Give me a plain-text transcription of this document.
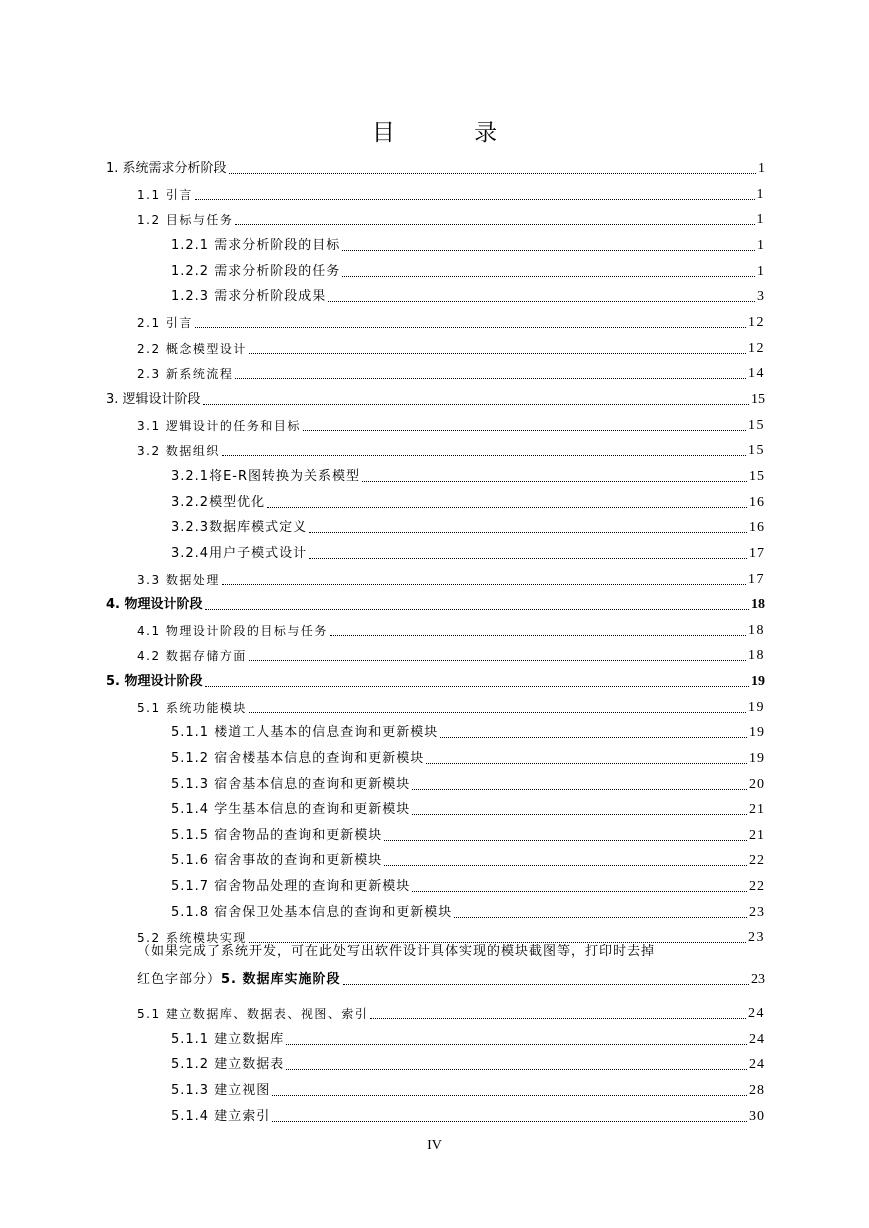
目 录
1. 系统需求分析阶段	1
1.1 引言	1
1.2 目标与任务	1
1.2.1 需求分析阶段的目标	1
1.2.2 需求分析阶段的任务	1
1.2.3 需求分析阶段成果	3
2.1 引言	12
2.2 概念模型设计	12
2.3 新系统流程	14
3. 逻辑设计阶段	15
3.1 逻辑设计的任务和目标	15
3.2 数据组织	15
3.2.1将E-R图转换为关系模型	15
3.2.2模型优化	16
3.2.3数据库模式定义	16
3.2.4用户子模式设计	17
3.3 数据处理	17
4. 物理设计阶段	18
4.1 物理设计阶段的目标与任务	18
4.2 数据存储方面	18
5. 物理设计阶段	19
5.1 系统功能模块	19
5.1.1 楼道工人基本的信息查询和更新模块	19
5.1.2 宿舍楼基本信息的查询和更新模块	19
5.1.3 宿舍基本信息的查询和更新模块	20
5.1.4 学生基本信息的查询和更新模块	21
5.1.5 宿舍物品的查询和更新模块	21
5.1.6 宿舍事故的查询和更新模块	22
5.1.7 宿舍物品处理的查询和更新模块	22
5.1.8 宿舍保卫处基本信息的查询和更新模块	23
5.2 系统模块实现	23
（如果完成了系统开发，可在此处写出软件设计具体实现的模块截图等，打印时去掉
红色字部分） 5. 数据库实施阶段	23
5.1 建立数据库、数据表、视图、索引	24
5.1.1 建立数据库	24
5.1.2 建立数据表	24
5.1.3 建立视图	28
5.1.4 建立索引	30
IV
